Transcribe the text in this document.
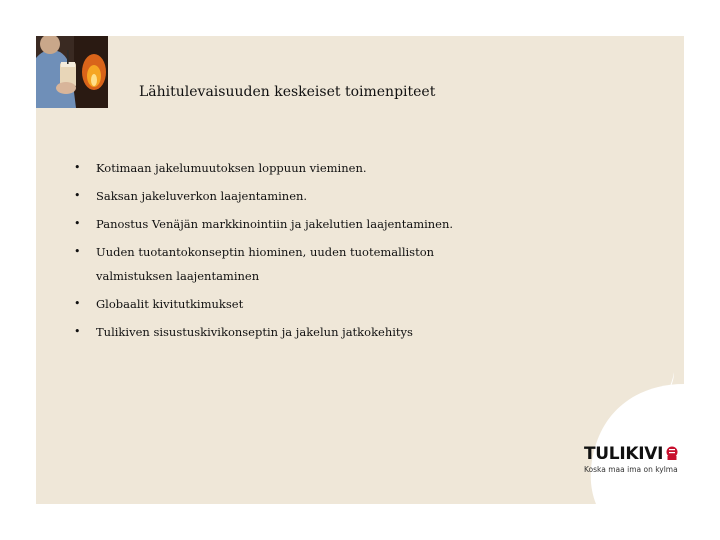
Lähitulevaisuuden keskeiset toimenpiteet
• Kotimaan jakelumuutoksen loppuun vieminen.
• Saksan jakeluverkon laajentaminen.
• Panostus Venäjän markkinointiin ja jakelutien laajentaminen.
• Uuden tuotantokonseptin hiominen, uuden tuotemalliston valmistuksen laajentaminen
• Globaalit kivitutkimukset
• Tulikiven sisustuskivikonseptin ja jakelun jatkokehitys
TULIKIVI
Koska maa ima on kylma
